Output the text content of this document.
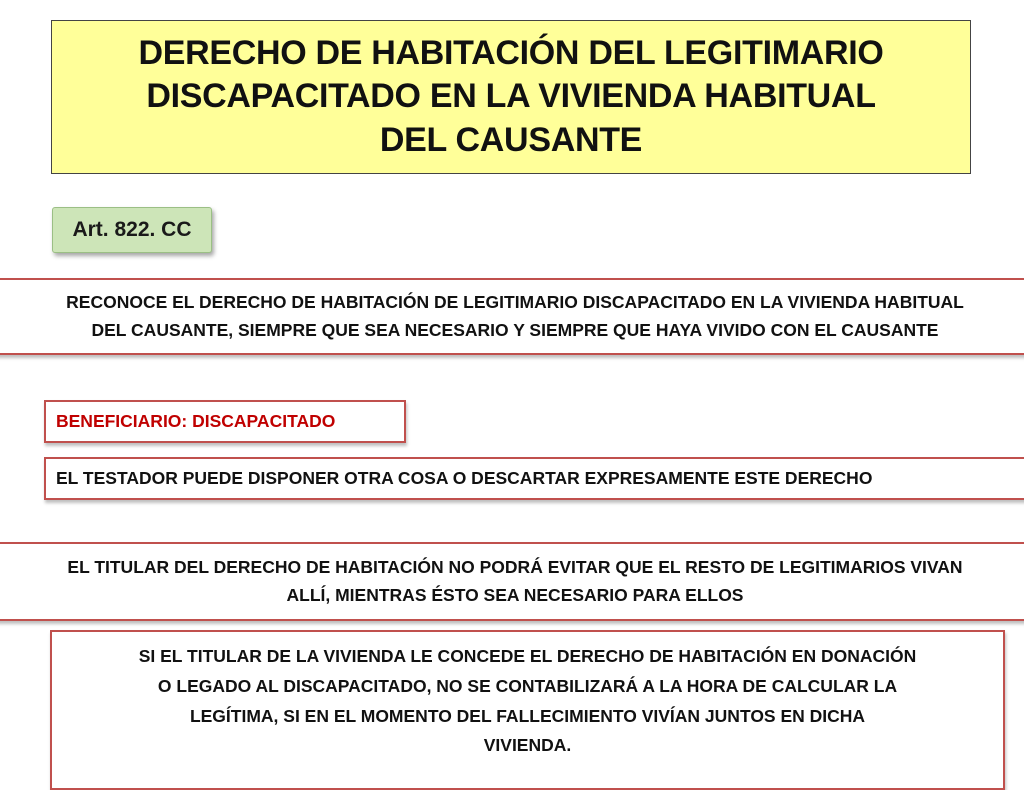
DERECHO DE HABITACIÓN DEL LEGITIMARIO
DISCAPACITADO EN LA VIVIENDA HABITUAL
DEL CAUSANTE
Art. 822. CC
RECONOCE EL DERECHO DE HABITACIÓN DE LEGITIMARIO DISCAPACITADO EN LA VIVIENDA HABITUAL
DEL CAUSANTE, SIEMPRE QUE SEA NECESARIO Y SIEMPRE QUE HAYA VIVIDO CON EL CAUSANTE
BENEFICIARIO: DISCAPACITADO
EL TESTADOR PUEDE DISPONER OTRA COSA O DESCARTAR EXPRESAMENTE ESTE DERECHO
EL TITULAR DEL DERECHO DE HABITACIÓN NO PODRÁ EVITAR QUE EL RESTO DE LEGITIMARIOS VIVAN
ALLÍ, MIENTRAS ÉSTO SEA NECESARIO PARA ELLOS
SI EL TITULAR DE LA VIVIENDA LE CONCEDE EL DERECHO DE HABITACIÓN EN DONACIÓN
O LEGADO AL DISCAPACITADO, NO SE CONTABILIZARÁ A LA HORA DE CALCULAR LA
LEGÍTIMA, SI EN EL MOMENTO DEL FALLECIMIENTO VIVÍAN JUNTOS EN DICHA
VIVIENDA.
